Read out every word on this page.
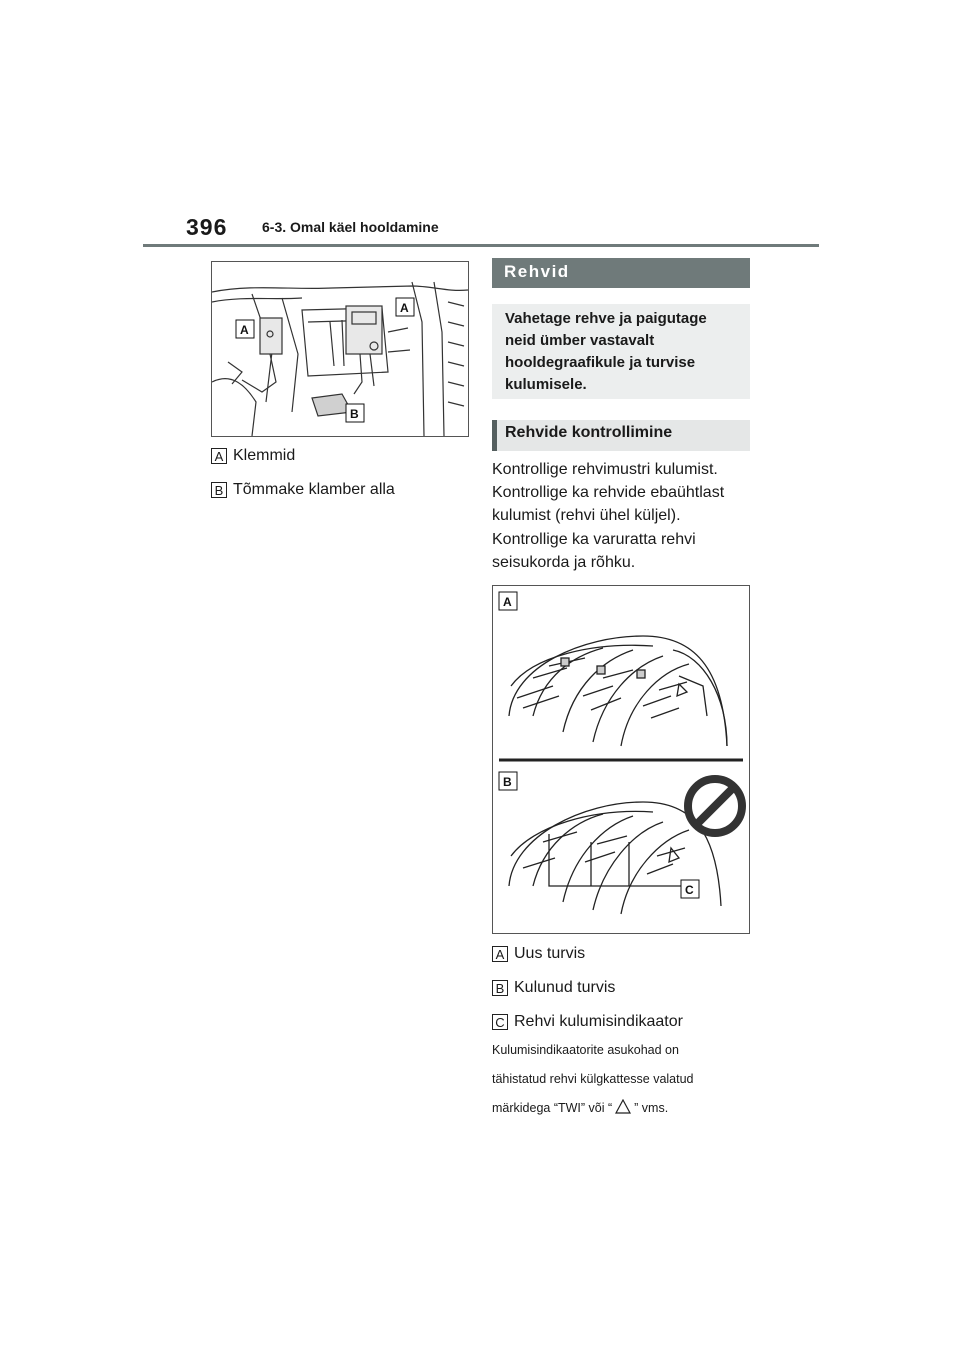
396 6-3. Omal käel hooldamine
A
A
B
A Klemmid
B Tõmmake klamber alla
Rehvid
Vahetage rehve ja paigutage
neid ümber vastavalt
hooldegraafikule ja turvise
kulumisele.
Rehvide kontrollimine
Kontrollige rehvimustri kulumist.
Kontrollige ka rehvide ebaühtlast
kulumist (rehvi ühel küljel).
Kontrollige ka varuratta rehvi
seisukorda ja rõhku.
A
B
C
A Uus turvis
B Kulunud turvis
C Rehvi kulumisindikaator
Kulumisindikaatorite asukohad on
tähistatud rehvi külgkattesse valatud
märkidega “TWI” või “ ” vms.
